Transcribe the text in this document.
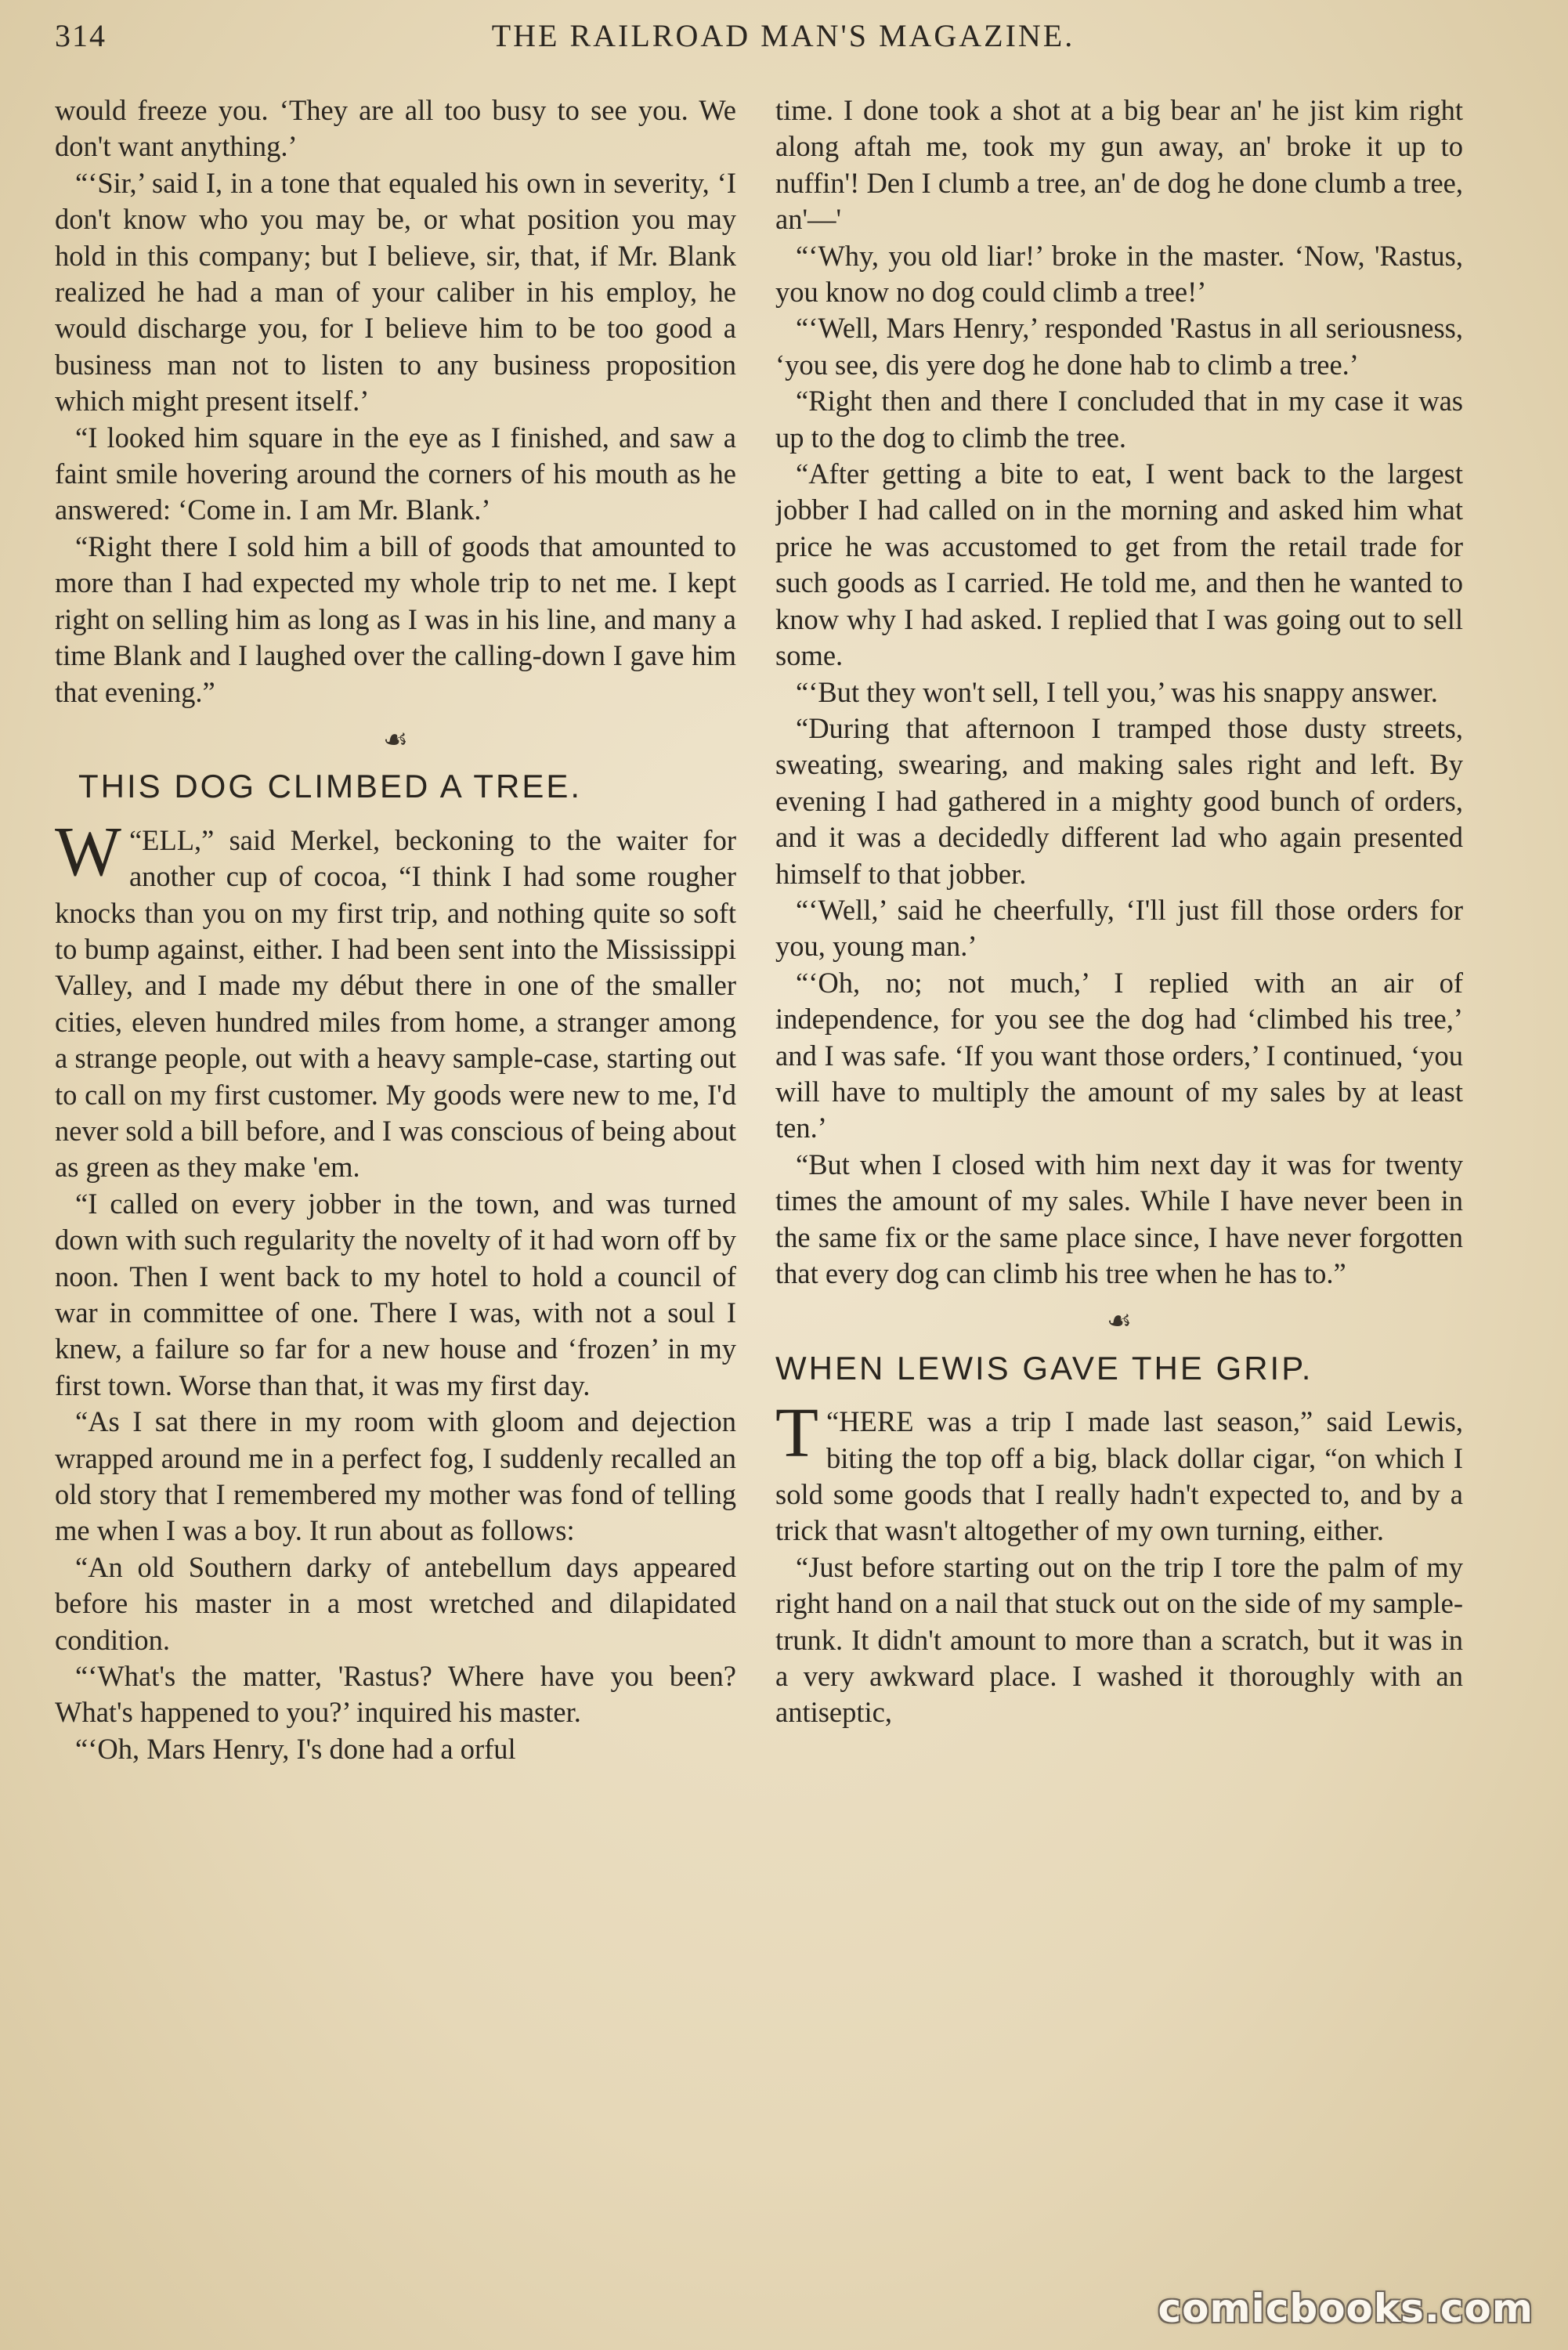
314	THE RAILROAD MAN'S MAGAZINE.

would freeze you. ‘They are all too busy to see you. We don't want anything.’

“‘Sir,’ said I, in a tone that equaled his own in severity, ‘I don't know who you may be, or what position you may hold in this company; but I believe, sir, that, if Mr. Blank realized he had a man of your caliber in his employ, he would discharge you, for I believe him to be too good a business man not to listen to any business proposition which might present itself.’

“I looked him square in the eye as I finished, and saw a faint smile hovering around the corners of his mouth as he answered: ‘Come in. I am Mr. Blank.’

“Right there I sold him a bill of goods that amounted to more than I had expected my whole trip to net me. I kept right on selling him as long as I was in his line, and many a time Blank and I laughed over the calling-down I gave him that evening.”

☙
THIS DOG CLIMBED A TREE.

“
W ELL,” said Merkel, beckoning to the waiter for another cup of cocoa, “I think I had some rougher knocks than you on my first trip, and nothing quite so soft to bump against, either. I had been sent into the Mississippi Valley, and I made my début there in one of the smaller cities, eleven hundred miles from home, a stranger among a strange people, out with a heavy sample-case, starting out to call on my first customer. My goods were new to me, I'd never sold a bill before, and I was conscious of being about as green as they make 'em.

“I called on every jobber in the town, and was turned down with such regularity the novelty of it had worn off by noon. Then I went back to my hotel to hold a council of war in committee of one. There I was, with not a soul I knew, a failure so far for a new house and ‘frozen’ in my first town. Worse than that, it was my first day.

“As I sat there in my room with gloom and dejection wrapped around me in a perfect fog, I suddenly recalled an old story that I remembered my mother was fond of telling me when I was a boy. It run about as follows:

“An old Southern darky of antebellum days appeared before his master in a most wretched and dilapidated condition.

“‘What's the matter, 'Rastus? Where have you been? What's happened to you?’ inquired his master.

“‘Oh, Mars Henry, I's done had a orful

time. I done took a shot at a big bear an' he jist kim right along aftah me, took my gun away, an' broke it up to nuffin'! Den I clumb a tree, an' de dog he done clumb a tree, an'—'

“‘Why, you old liar!’ broke in the master. ‘Now, 'Rastus, you know no dog could climb a tree!’

“‘Well, Mars Henry,’ responded 'Rastus in all seriousness, ‘you see, dis yere dog he done hab to climb a tree.’

“Right then and there I concluded that in my case it was up to the dog to climb the tree.

“After getting a bite to eat, I went back to the largest jobber I had called on in the morning and asked him what price he was accustomed to get from the retail trade for such goods as I carried. He told me, and then he wanted to know why I had asked. I replied that I was going out to sell some.

“‘But they won't sell, I tell you,’ was his snappy answer.

“During that afternoon I tramped those dusty streets, sweating, swearing, and making sales right and left. By evening I had gathered in a mighty good bunch of orders, and it was a decidedly different lad who again presented himself to that jobber.

“‘Well,’ said he cheerfully, ‘I'll just fill those orders for you, young man.’

“‘Oh, no; not much,’ I replied with an air of independence, for you see the dog had ‘climbed his tree,’ and I was safe. ‘If you want those orders,’ I continued, ‘you will have to multiply the amount of my sales by at least ten.’

“But when I closed with him next day it was for twenty times the amount of my sales. While I have never been in the same fix or the same place since, I have never forgotten that every dog can climb his tree when he has to.”

☙
WHEN LEWIS GAVE THE GRIP.

“
T HERE was a trip I made last season,” said Lewis, biting the top off a big, black dollar cigar, “on which I sold some goods that I really hadn't expected to, and by a trick that wasn't altogether of my own turning, either.

“Just before starting out on the trip I tore the palm of my right hand on a nail that stuck out on the side of my sample-trunk. It didn't amount to more than a scratch, but it was in a very awkward place. I washed it thoroughly with an antiseptic,

comicbooks.com
